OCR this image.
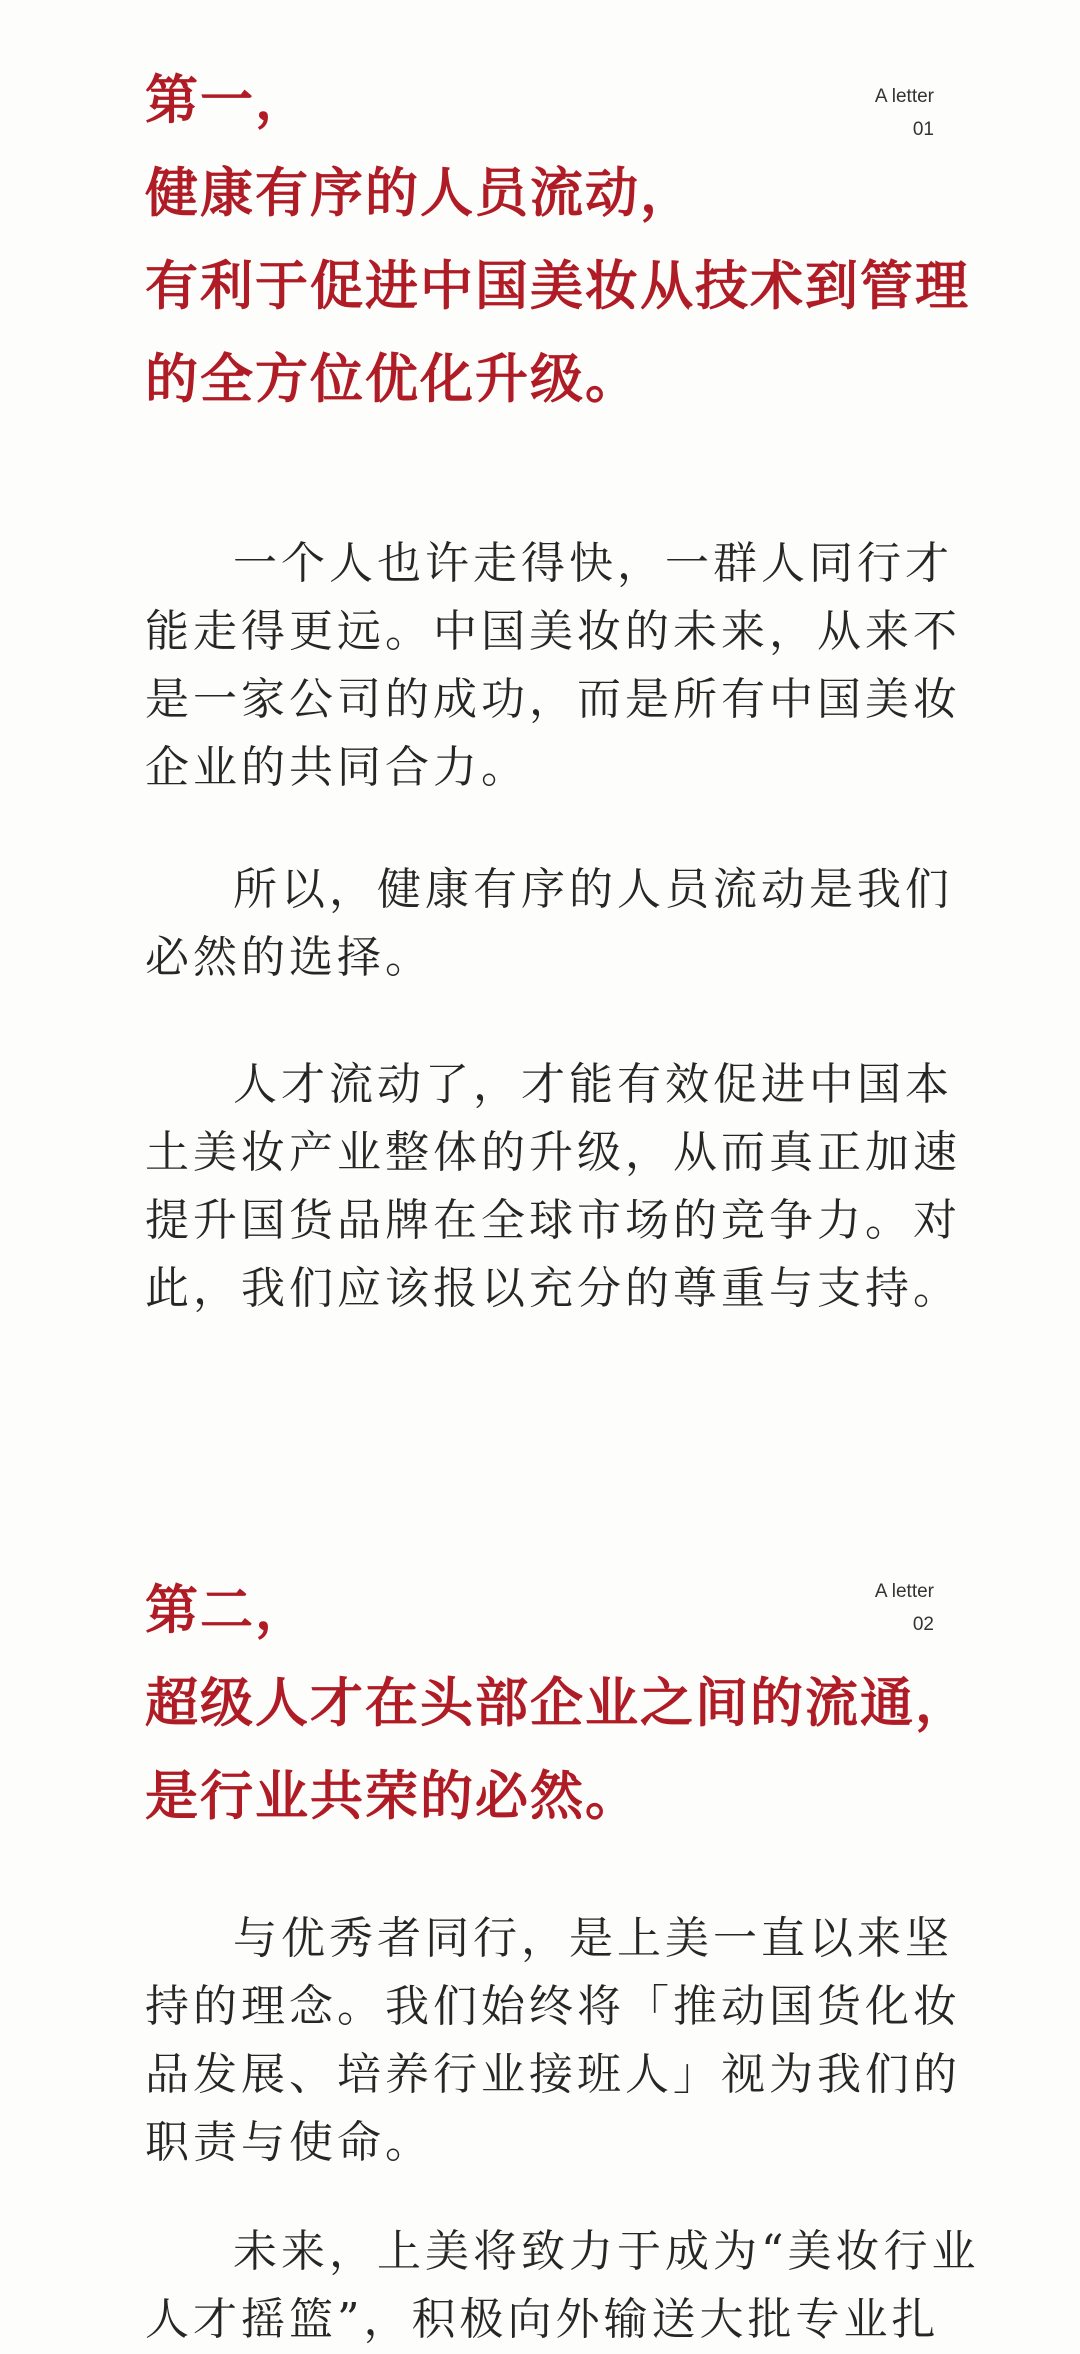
A letter
01
第一，
健康有序的人员流动，
有利于促进中国美妆从技术到管理
的全方位优化升级。

一个人也许走得快，一群人同行才
能走得更远。中国美妆的未来，从来不
是一家公司的成功，而是所有中国美妆
企业的共同合力。

所以，健康有序的人员流动是我们
必然的选择。

人才流动了，才能有效促进中国本
土美妆产业整体的升级，从而真正加速
提升国货品牌在全球市场的竞争力。对
此，我们应该报以充分的尊重与支持。

A letter
02
第二，
超级人才在头部企业之间的流通，
是行业共荣的必然。

与优秀者同行，是上美一直以来坚
持的理念。我们始终将「推动国货化妆
品发展、培养行业接班人」视为我们的
职责与使命。

未来，上美将致力于成为“美妆行业
人才摇篮”，积极向外输送大批专业扎
